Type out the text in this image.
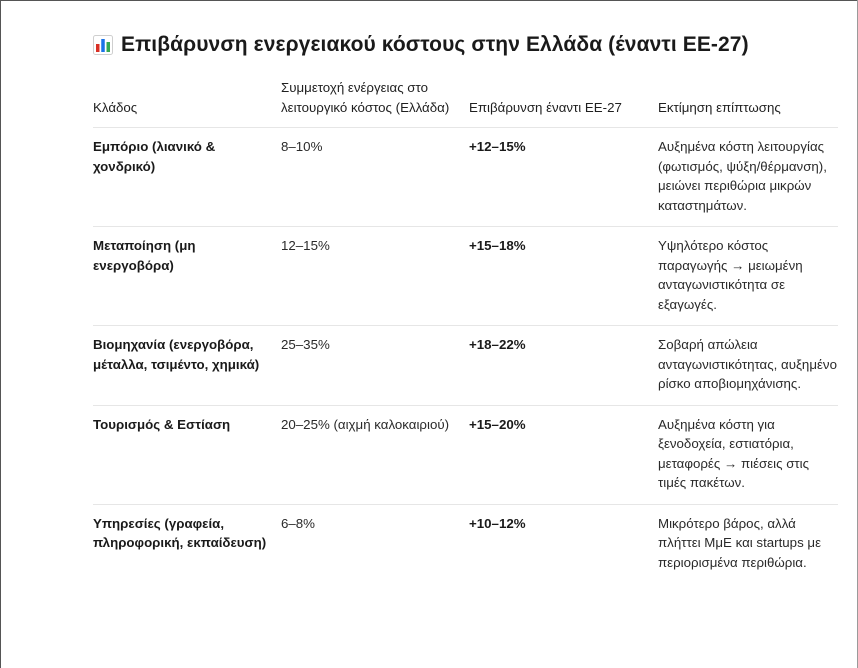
Επιβάρυνση ενεργειακού κόστους στην Ελλάδα (έναντι ΕΕ-27)
Κλάδος	Συμμετοχή ενέργειας στο λειτουργικό κόστος (Ελλάδα)	Επιβάρυνση έναντι ΕΕ-27	Εκτίμηση επίπτωσης
Εμπόριο (λιανικό & χονδρικό)	8–10%	+12–15%	Αυξημένα κόστη λειτουργίας (φωτισμός, ψύξη/θέρμανση), μειώνει περιθώρια μικρών καταστημάτων.
Μεταποίηση (μη ενεργοβόρα)	12–15%	+15–18%	Υψηλότερο κόστος παραγωγής → μειωμένη ανταγωνιστικότητα σε εξαγωγές.
Βιομηχανία (ενεργοβόρα, μέταλλα, τσιμέντο, χημικά)	25–35%	+18–22%	Σοβαρή απώλεια ανταγωνιστικότητας, αυξημένο ρίσκο αποβιομηχάνισης.
Τουρισμός & Εστίαση	20–25% (αιχμή καλοκαιριού)	+15–20%	Αυξημένα κόστη για ξενοδοχεία, εστιατόρια, μεταφορές → πιέσεις στις τιμές πακέτων.
Υπηρεσίες (γραφεία, πληροφορική, εκπαίδευση)	6–8%	+10–12%	Μικρότερο βάρος, αλλά πλήττει ΜμΕ και startups με περιορισμένα περιθώρια.
